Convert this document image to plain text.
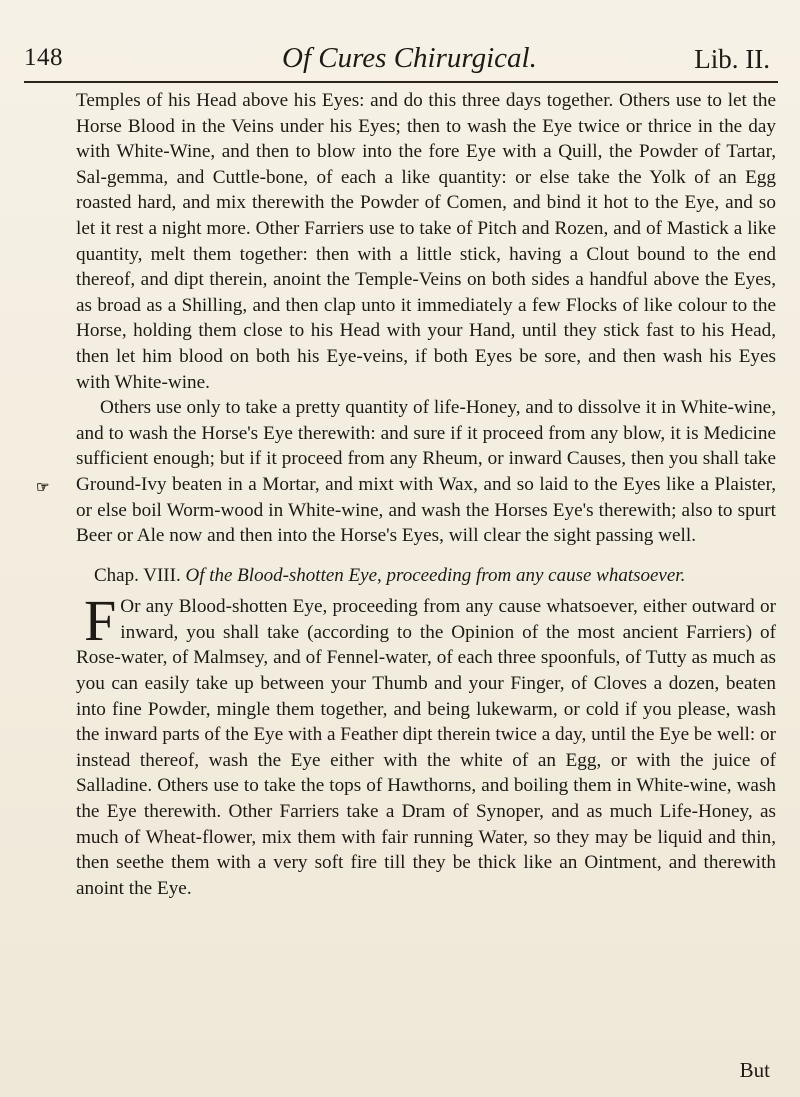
148	Of Cures Chirurgical.	Lib. II.
☞

Temples of his Head above his Eyes: and do this three days together. Others use to let the Horse Blood in the Veins under his Eyes; then to wash the Eye twice or thrice in the day with White-Wine, and then to blow into the fore Eye with a Quill, the Powder of Tartar, Sal-gemma, and Cuttle-bone, of each a like quantity: or else take the Yolk of an Egg roasted hard, and mix therewith the Powder of Comen, and bind it hot to the Eye, and so let it rest a night more. Other Farriers use to take of Pitch and Rozen, and of Mastick a like quantity, melt them together: then with a little stick, having a Clout bound to the end thereof, and dipt therein, anoint the Temple-Veins on both sides a handful above the Eyes, as broad as a Shilling, and then clap unto it immediately a few Flocks of like colour to the Horse, holding them close to his Head with your Hand, until they stick fast to his Head, then let him blood on both his Eye-veins, if both Eyes be sore, and then wash his Eyes with White-wine.

Others use only to take a pretty quantity of life-Honey, and to dissolve it in White-wine, and to wash the Horse's Eye therewith: and sure if it proceed from any blow, it is Medicine sufficient enough; but if it proceed from any Rheum, or inward Causes, then you shall take Ground-Ivy beaten in a Mortar, and mixt with Wax, and so laid to the Eyes like a Plaister, or else boil Worm-wood in White-wine, and wash the Horses Eye's therewith; also to spurt Beer or Ale now and then into the Horse's Eyes, will clear the sight passing well.

Chap. VIII. Of the Blood-shotten Eye, proceeding from any cause whatsoever.

F Or any Blood-shotten Eye, proceeding from any cause whatsoever, either outward or inward, you shall take (according to the Opinion of the most ancient Farriers) of Rose-water, of Malmsey, and of Fennel-water, of each three spoonfuls, of Tutty as much as you can easily take up between your Thumb and your Finger, of Cloves a dozen, beaten into fine Powder, mingle them together, and being lukewarm, or cold if you please, wash the inward parts of the Eye with a Feather dipt therein twice a day, until the Eye be well: or instead thereof, wash the Eye either with the white of an Egg, or with the juice of Salladine. Others use to take the tops of Hawthorns, and boiling them in White-wine, wash the Eye therewith. Other Farriers take a Dram of Synoper, and as much Life-Honey, as much of Wheat-flower, mix them with fair running Water, so they may be liquid and thin, then seethe them with a very soft fire till they be thick like an Ointment, and therewith anoint the Eye.

But
